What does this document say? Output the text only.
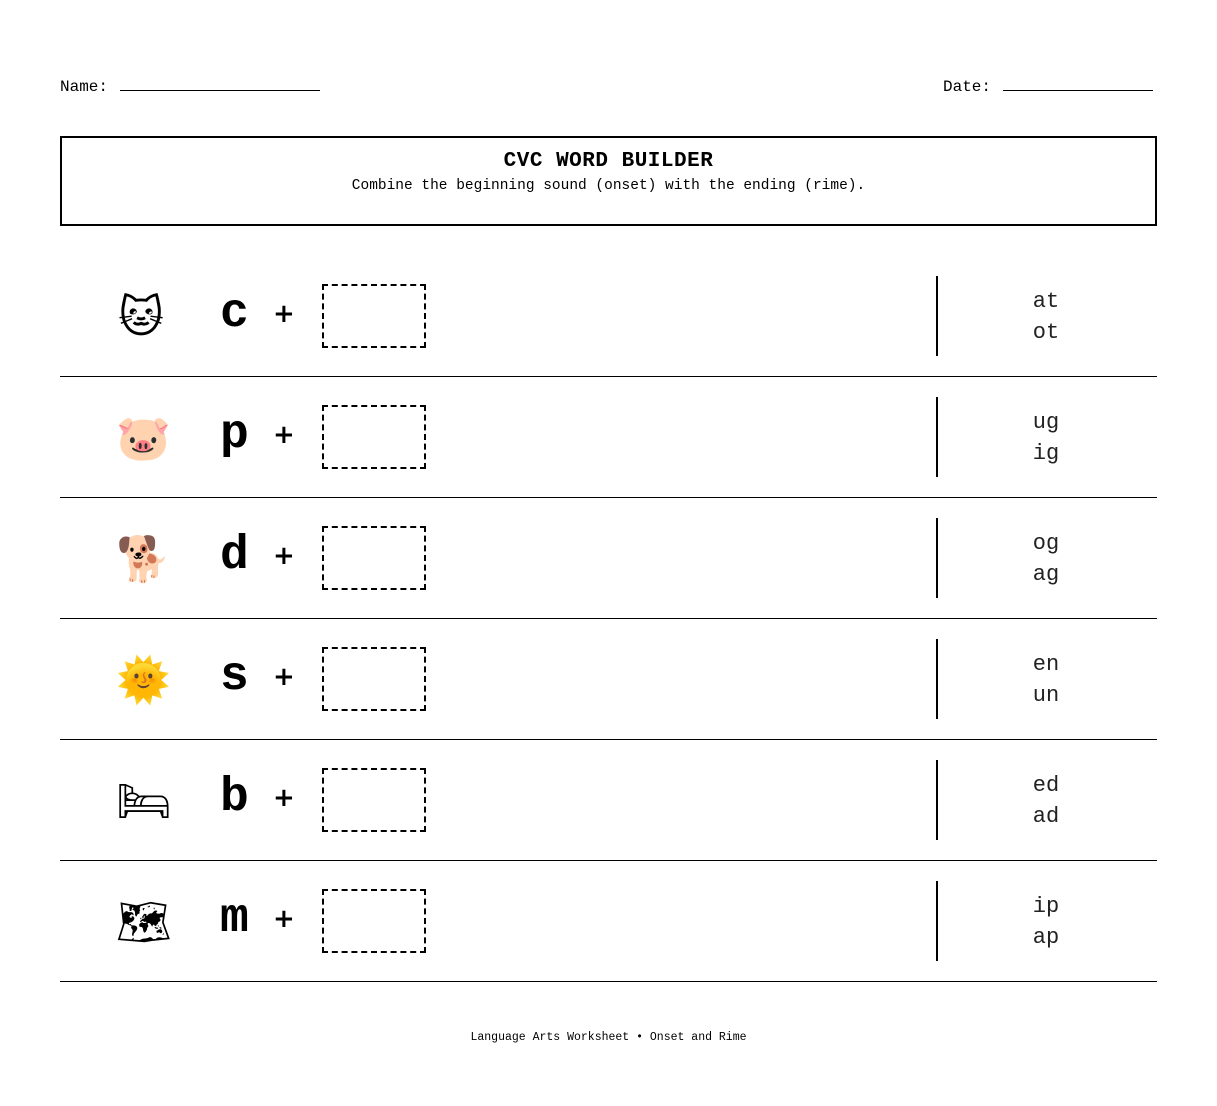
Name:	Date:
CVC WORD BUILDER
Combine the beginning sound (onset) with the ending (rime).
🐱 c +	at
ot
🐷 p +	ug
ig
🐕 d +	og
ag
🌞 s +	en
un
🛏 b +	ed
ad
🗺 m +	ip
ap
Language Arts Worksheet • Onset and Rime
